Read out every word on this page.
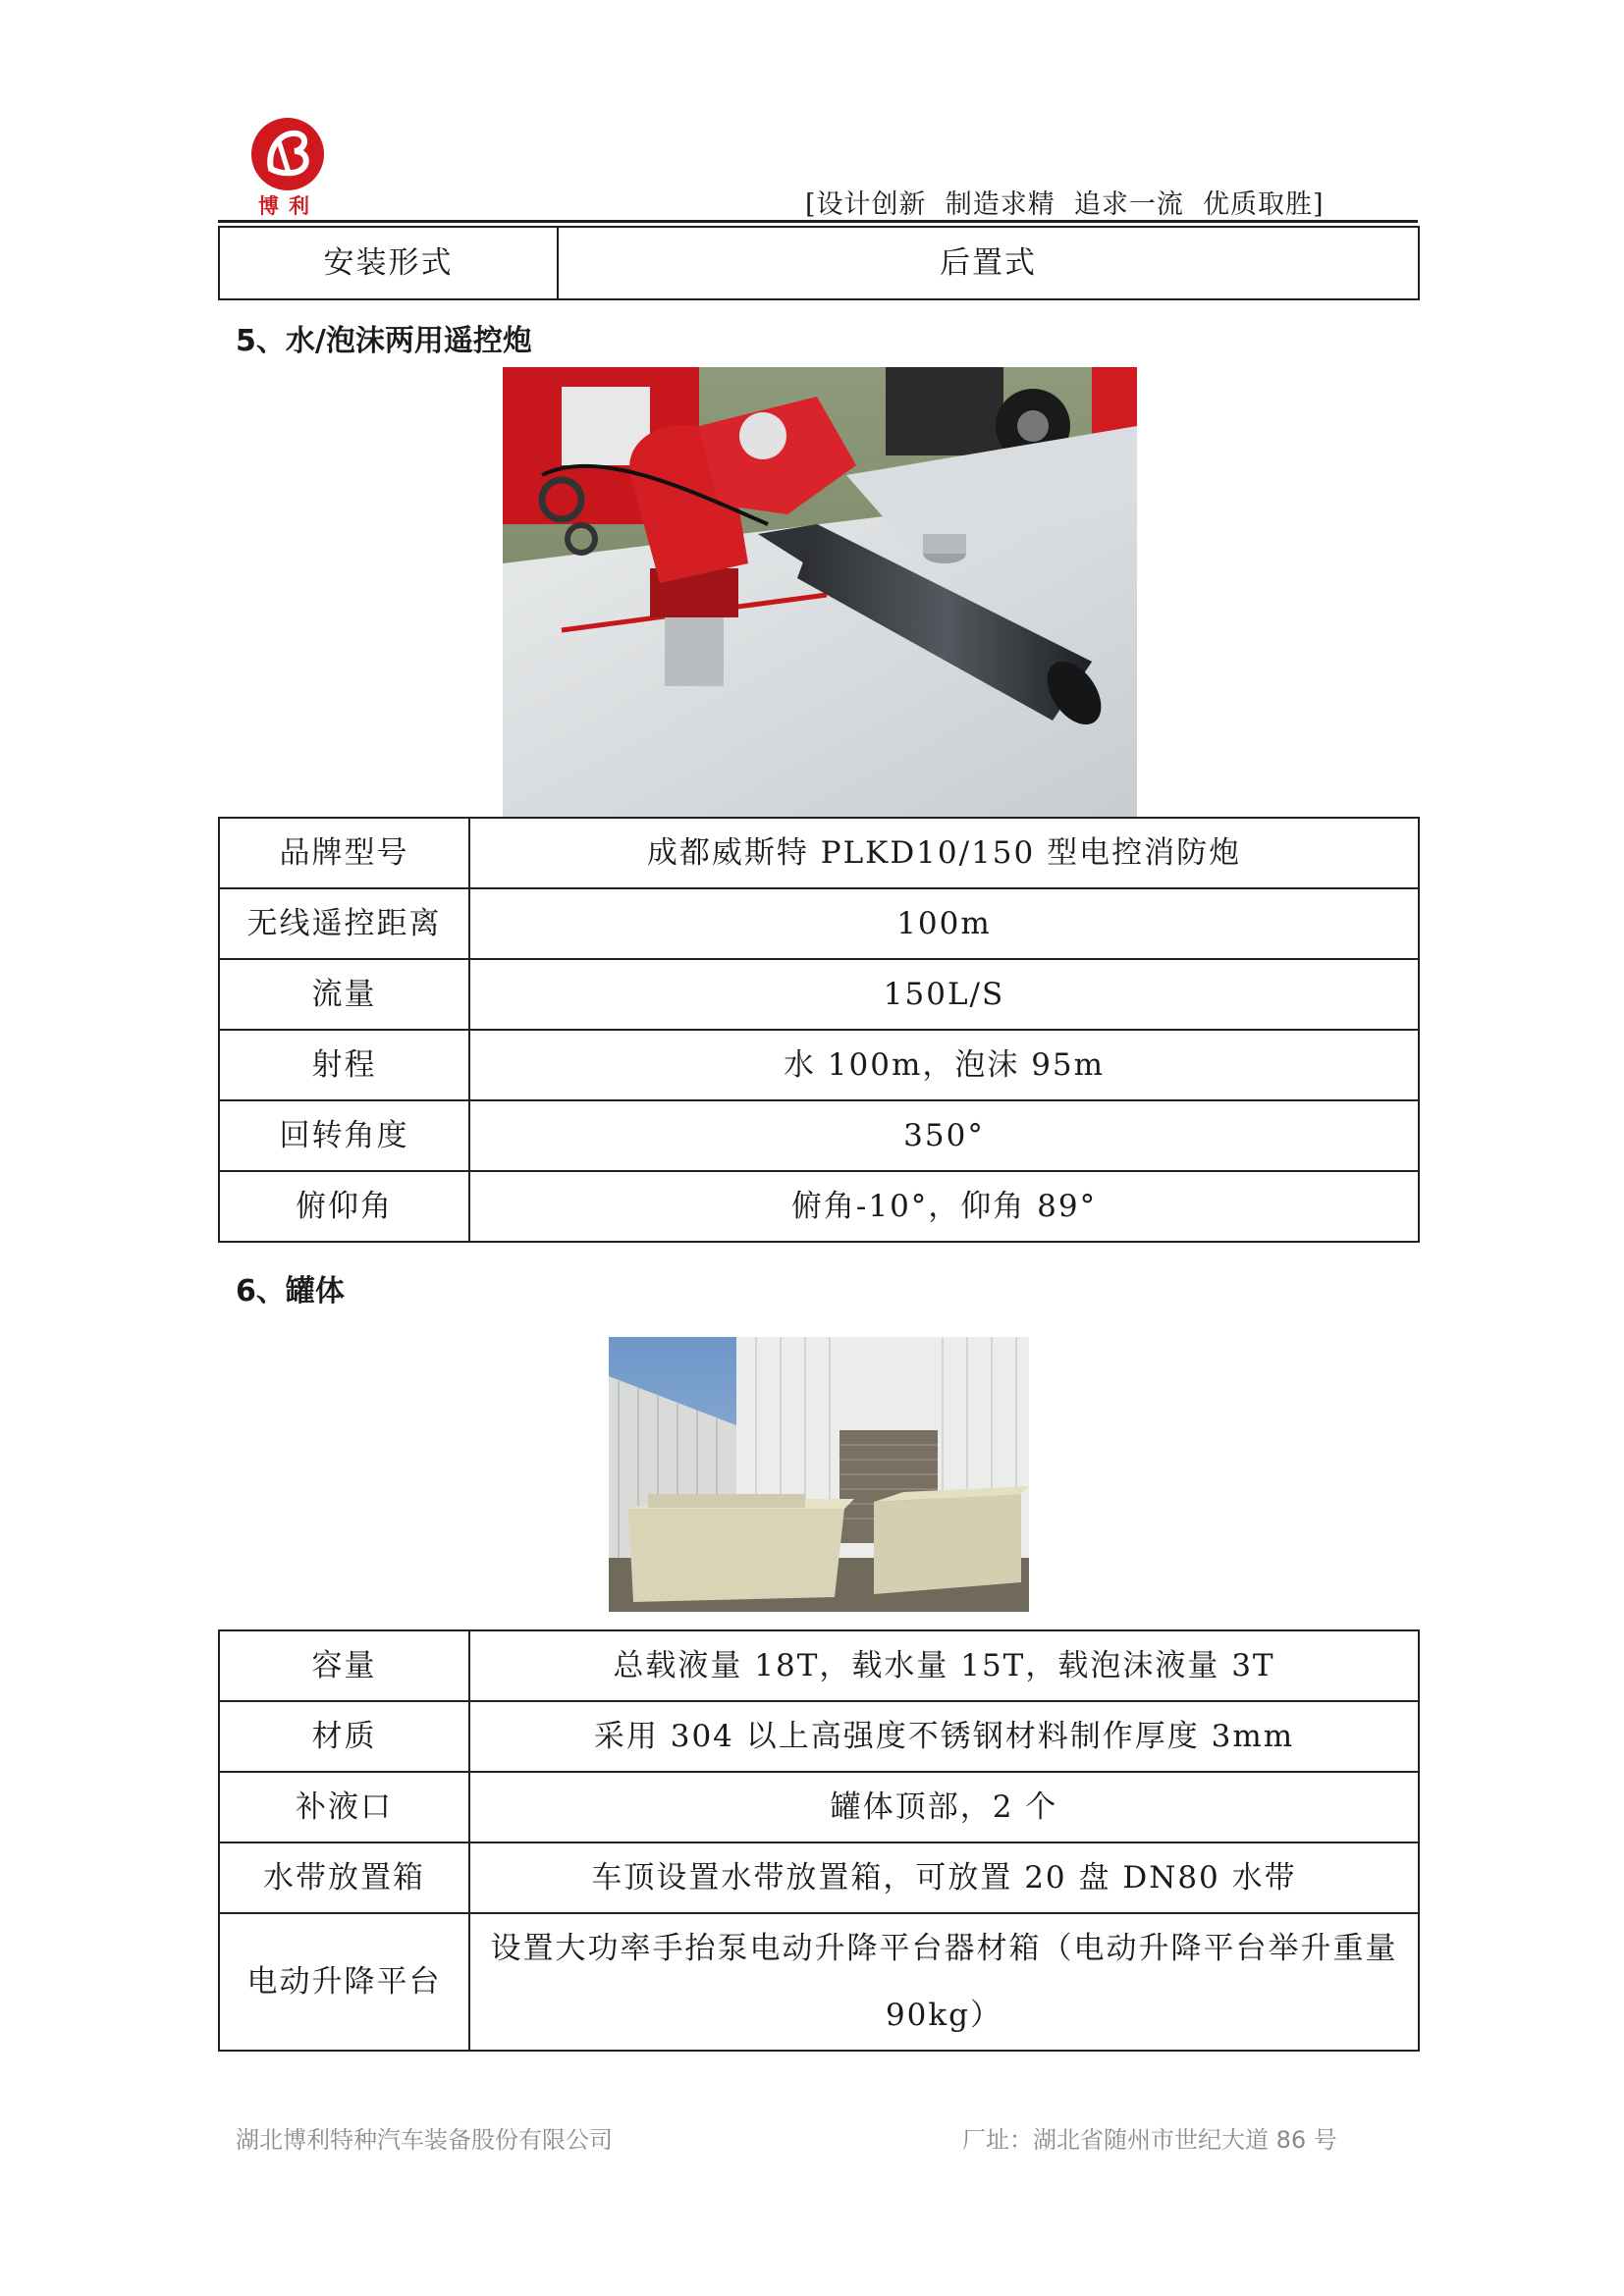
博利	[设计创新  制造求精  追求一流  优质取胜]
安装形式	后置式
5、水/泡沫两用遥控炮
品牌型号	成都威斯特 PLKD10/150 型电控消防炮
无线遥控距离	100m
流量	150L/S
射程	水 100m，泡沫 95m
回转角度	350°
俯仰角	俯角-10°，仰角 89°
6、罐体
容量	总载液量 18T，载水量 15T，载泡沫液量 3T
材质	采用 304 以上高强度不锈钢材料制作厚度 3mm
补液口	罐体顶部，2 个
水带放置箱	车顶设置水带放置箱，可放置 20 盘 DN80 水带
电动升降平台	设置大功率手抬泵电动升降平台器材箱（电动升降平台举升重量
90kg）
湖北博利特种汽车装备股份有限公司	厂址：湖北省随州市世纪大道 86 号
